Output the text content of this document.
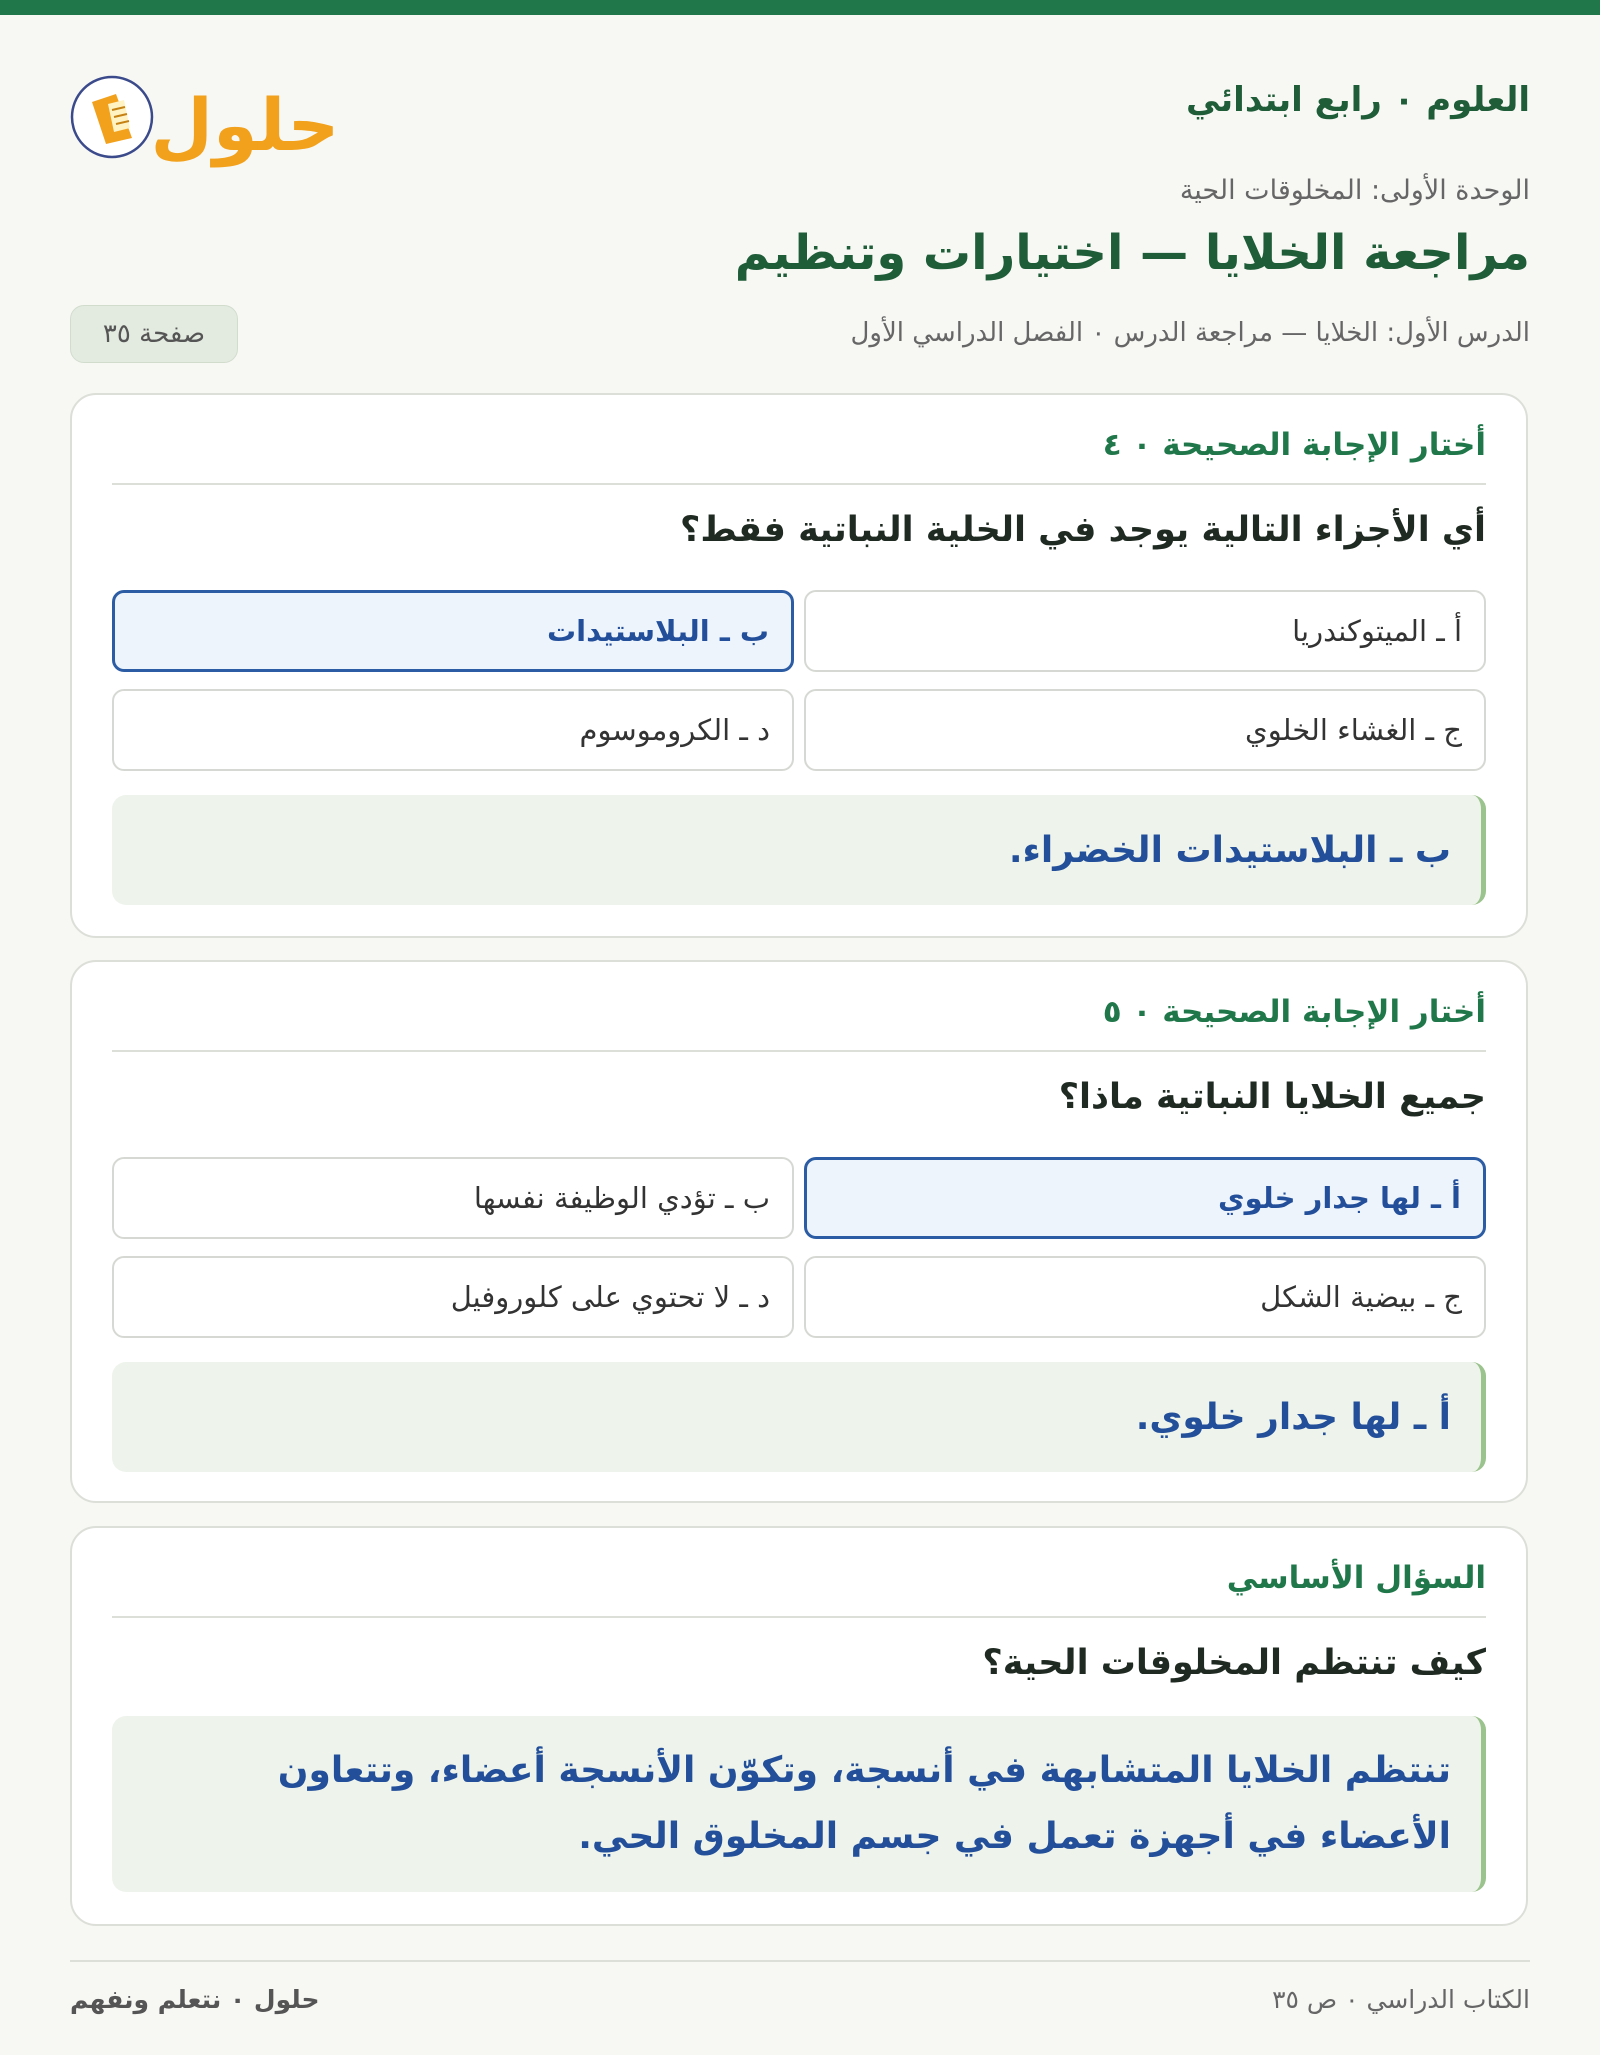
العلوم ٠ رابع ابتدائي
حلول
الوحدة الأولى: المخلوقات الحية
مراجعة الخلايا — اختيارات وتنظيم
الدرس الأول: الخلايا — مراجعة الدرس ٠ الفصل الدراسي الأول
صفحة ٣٥
أختار الإجابة الصحيحة ٠ ٤
أي الأجزاء التالية يوجد في الخلية النباتية فقط؟
أ ـ الميتوكندريا
ب ـ البلاستيدات
ج ـ الغشاء الخلوي
د ـ الكروموسوم
ب ـ البلاستيدات الخضراء.
أختار الإجابة الصحيحة ٠ ٥
جميع الخلايا النباتية ماذا؟
أ ـ لها جدار خلوي
ب ـ تؤدي الوظيفة نفسها
ج ـ بيضية الشكل
د ـ لا تحتوي على كلوروفيل
أ ـ لها جدار خلوي.
السؤال الأساسي
كيف تنتظم المخلوقات الحية؟
تنتظم الخلايا المتشابهة في أنسجة، وتكوّن الأنسجة أعضاء، وتتعاون الأعضاء في أجهزة تعمل في جسم المخلوق الحي.
الكتاب الدراسي ٠ ص ٣٥
حلول ٠ نتعلم ونفهم
